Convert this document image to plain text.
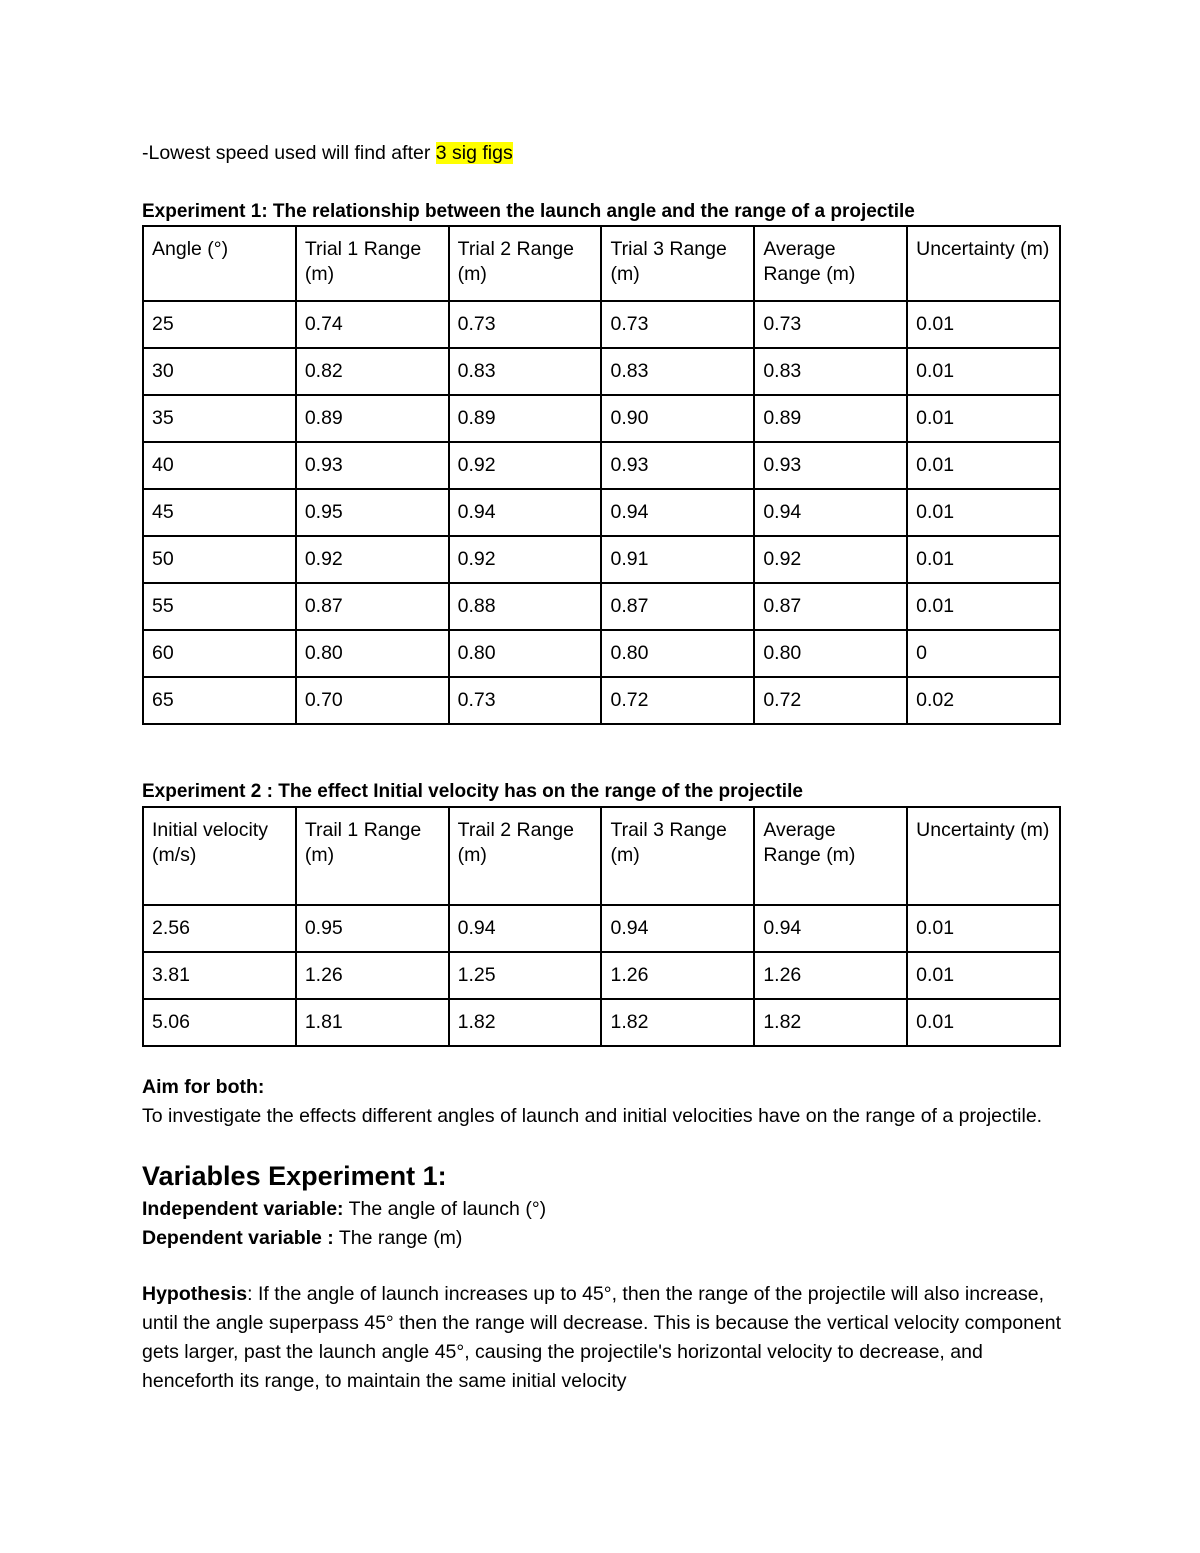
-Lowest speed used will find after 3 sig figs

Experiment 1: The relationship between the launch angle and the range of a projectile

Angle (°)	Trial 1 Range (m)	Trial 2 Range (m)	Trial 3 Range (m)	Average Range (m)	Uncertainty (m)
25	0.74	0.73	0.73	0.73	0.01
30	0.82	0.83	0.83	0.83	0.01
35	0.89	0.89	0.90	0.89	0.01
40	0.93	0.92	0.93	0.93	0.01
45	0.95	0.94	0.94	0.94	0.01
50	0.92	0.92	0.91	0.92	0.01
55	0.87	0.88	0.87	0.87	0.01
60	0.80	0.80	0.80	0.80	0
65	0.70	0.73	0.72	0.72	0.02

Experiment 2 : The effect Initial velocity has on the range of the projectile

Initial velocity (m/s)	Trail 1 Range (m)	Trail 2 Range (m)	Trail 3 Range (m)	Average Range (m)	Uncertainty (m)
2.56	0.95	0.94	0.94	0.94	0.01
3.81	1.26	1.25	1.26	1.26	0.01
5.06	1.81	1.82	1.82	1.82	0.01
Aim for both:

To investigate the effects different angles of launch and initial velocities have on the range of a projectile.

Variables Experiment 1:

Independent variable: The angle of launch (°)

Dependent variable : The range (m)

Hypothesis: If the angle of launch increases up to 45°, then the range of the projectile will also increase, until the angle superpass 45° then the range will decrease. This is because the vertical velocity component gets larger, past the launch angle 45°, causing the projectile's horizontal velocity to decrease, and henceforth its range, to maintain the same initial velocity
